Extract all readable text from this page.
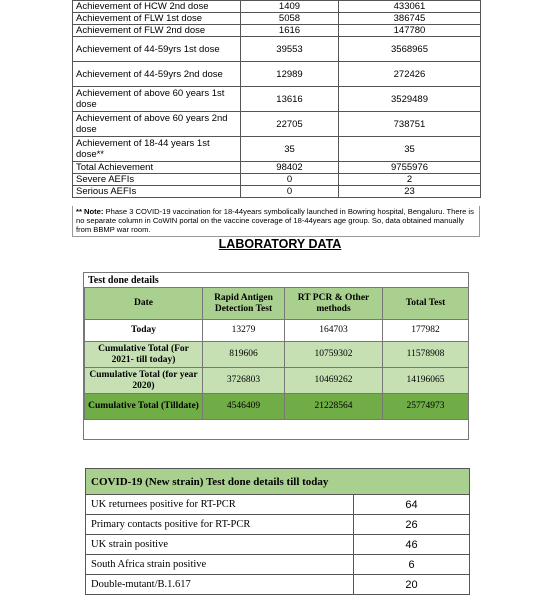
Achievement of HCW 2nd dose	1409	433061
Achievement of FLW 1st dose	5058	386745
Achievement of FLW 2nd dose	1616	147780
Achievement of 44-59yrs 1st dose	39553	3568965
Achievement of 44-59yrs 2nd dose	12989	272426
Achievement of above 60 years 1st dose	13616	3529489
Achievement of above 60 years 2nd dose	22705	738751
Achievement of 18-44 years 1st dose**	35	35
Total Achievement	98402	9755976
Severe AEFIs	0	2
Serious AEFIs	0	23
** Note: Phase 3 COVID-19 vaccination for 18-44years symbolically launched in Bowring hospital, Bengaluru. There is no separate column in CoWIN portal on the vaccine coverage of 18-44years age group. So, data obtained manually from BBMP war room.
LABORATORY DATA
Test done details
Date	Rapid Antigen Detection Test	RT PCR & Other methods	Total Test
Today	13279	164703	177982
Cumulative Total (For 2021- till today)	819606	10759302	11578908
Cumulative Total (for year 2020)	3726803	10469262	14196065
Cumulative Total (Tilldate)	4546409	21228564	25774973
COVID-19 (New strain) Test done details till today	
UK returnees positive for RT-PCR	64
Primary contacts positive for RT-PCR	26
UK strain positive	46
South Africa strain positive	6
Double-mutant/B.1.617	20
